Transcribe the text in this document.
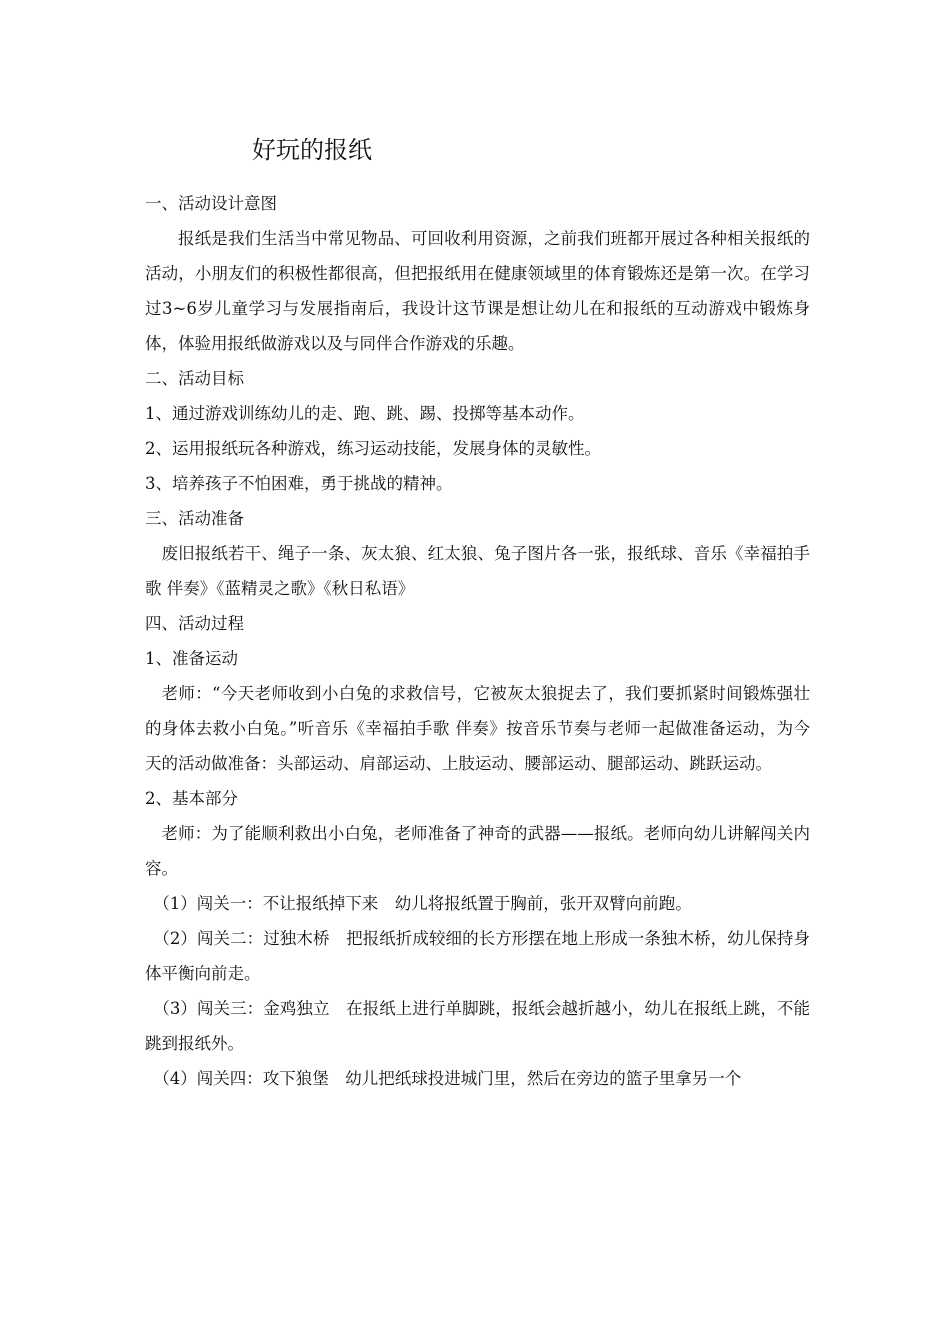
好玩的报纸

一、活动设计意图

报纸是我们生活当中常见物品、可回收利用资源，之前我们班都开展过各种相关报纸的活动，小朋友们的积极性都很高，但把报纸用在健康领域里的体育锻炼还是第一次。在学习过3~6岁儿童学习与发展指南后，我设计这节课是想让幼儿在和报纸的互动游戏中锻炼身体，体验用报纸做游戏以及与同伴合作游戏的乐趣。

二、活动目标

1、通过游戏训练幼儿的走、跑、跳、踢、投掷等基本动作。

2、运用报纸玩各种游戏，练习运动技能，发展身体的灵敏性。

3、培养孩子不怕困难，勇于挑战的精神。

三、活动准备

废旧报纸若干、绳子一条、灰太狼、红太狼、兔子图片各一张，报纸球、音乐《幸福拍手歌 伴奏》《蓝精灵之歌》《秋日私语》

四、活动过程

1、准备运动

老师：“今天老师收到小白兔的求救信号，它被灰太狼捉去了，我们要抓紧时间锻炼强壮的身体去救小白兔。”听音乐《幸福拍手歌 伴奏》按音乐节奏与老师一起做准备运动，为今天的活动做准备：头部运动、肩部运动、上肢运动、腰部运动、腿部运动、跳跃运动。

2、基本部分

老师：为了能顺利救出小白兔，老师准备了神奇的武器——报纸。老师向幼儿讲解闯关内容。

（1）闯关一：不让报纸掉下来　幼儿将报纸置于胸前，张开双臂向前跑。

（2）闯关二：过独木桥　把报纸折成较细的长方形摆在地上形成一条独木桥，幼儿保持身体平衡向前走。

（3）闯关三：金鸡独立　在报纸上进行单脚跳，报纸会越折越小，幼儿在报纸上跳，不能跳到报纸外。

（4）闯关四：攻下狼堡　幼儿把纸球投进城门里，然后在旁边的篮子里拿另一个
